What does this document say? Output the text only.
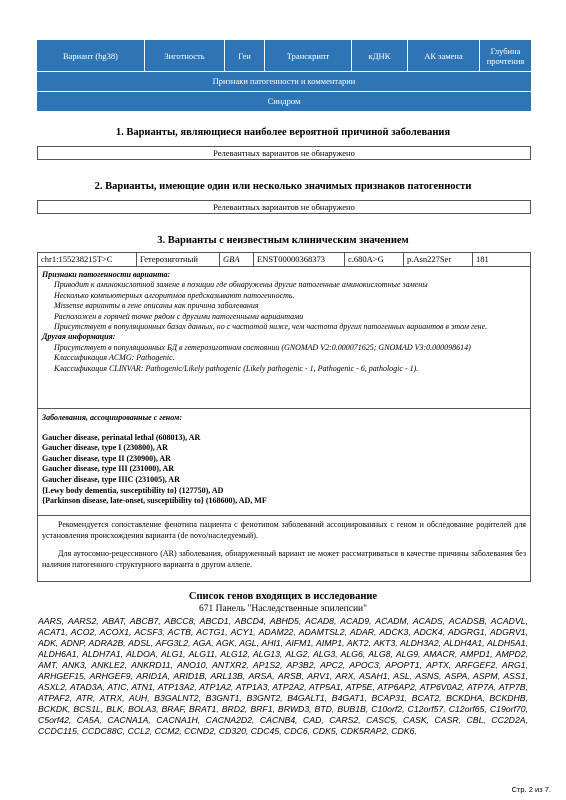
Вариант (hg38)	Зиготность	Ген	Транскрипт	кДНК	АК замена	Глубина прочтения
Признаки патогенности и комментарии
Синдром
1. Варианты, являющиеся наиболее вероятной причиной заболевания
Релевантных вариантов не обнаружено
2. Варианты, имеющие один или несколько значимых признаков патогенности
Релевантных вариантов не обнаружено
3. Варианты с неизвестным клиническим значением
chr1:155238215T>C	Гетерозиготный	GBA	ENST00000368373	c.680A>G	p.Asn227Ser	181
Признаки патогенности варианта:
Приводит к аминокислотной замене в позиции где обнаружены другие патогенные аминокислотные замены
Несколько компьютерных алгоритмов предсказывают патогенность.
Missense варианты в гене описаны как причина заболевания
Расположен в горячей точке рядом с другими патогенными вариантами
Присутствует в популяционных базах данных, но с частотой ниже, чем частота других патогенных вариантов в этом гене.
Другая информация:
Присутствует в популяционных БД в гетерозиготном состоянии (GNOMAD V2:0.000071625; GNOMAD V3:0.000098614)
Классификация ACMG: Pathogenic.
Классификация CLINVAR: Pathogenic/Likely pathogenic (Likely pathogenic - 1, Pathogenic - 6, pathologic - 1).
Заболевания, ассоциированные с геном:
Gaucher disease, perinatal lethal (608013), AR
Gaucher disease, type I (230800), AR
Gaucher disease, type II (230900), AR
Gaucher disease, type III (231000), AR
Gaucher disease, type IIIC (231005), AR
{Lewy body dementia, susceptibility to} (127750), AD
{Parkinson disease, late-onset, susceptibility to} (168600), AD, MF

Рекомендуется сопоставление фенотипа пациента с фенотипом заболеваний ассоциированных с геном и обследование родителей для установления происхождения варианта (de novo/наследуемый).

Для аутосомно-рецессивного (AR) заболевания, обнаруженный вариант не может рассматриваться в качестве причины заболевания без наличия патогенного структурного варианта в другом аллеле.

Список генов входящих в исследование
671 Панель "Наследственные эпилепсии"
AARS, AARS2, ABAT, ABCB7, ABCC8, ABCD1, ABCD4, ABHD5, ACAD8, ACAD9, ACADM, ACADS, ACADSB, ACADVL, ACAT1, ACO2, ACOX1, ACSF3, ACTB, ACTG1, ACY1, ADAM22, ADAMTSL2, ADAR, ADCK3, ADCK4, ADGRG1, ADGRV1, ADK, ADNP, ADRA2B, ADSL, AFG3L2, AGA, AGK, AGL, AHI1, AIFM1, AIMP1, AKT2, AKT3, ALDH3A2, ALDH4A1, ALDH5A1, ALDH6A1, ALDH7A1, ALDOA, ALG1, ALG11, ALG12, ALG13, ALG2, ALG3, ALG6, ALG8, ALG9, AMACR, AMPD1, AMPD2, AMT, ANK3, ANKLE2, ANKRD11, ANO10, ANTXR2, AP1S2, AP3B2, APC2, APOC3, APOPT1, APTX, ARFGEF2, ARG1, ARHGEF15, ARHGEF9, ARID1A, ARID1B, ARL13B, ARSA, ARSB, ARV1, ARX, ASAH1, ASL, ASNS, ASPA, ASPM, ASS1, ASXL2, ATAD3A, ATIC, ATN1, ATP13A2, ATP1A2, ATP1A3, ATP2A2, ATP5A1, ATP5E, ATP6AP2, ATP6V0A2, ATP7A, ATP7B, ATPAF2, ATR, ATRX, AUH, B3GALNT2, B3GNT1, B3GNT2, B4GALT1, B4GAT1, BCAP31, BCAT2, BCKDHA, BCKDHB, BCKDK, BCS1L, BLK, BOLA3, BRAF, BRAT1, BRD2, BRF1, BRWD3, BTD, BUB1B, C10orf2, C12orf57, C12orf65, C19orf70, C5orf42, CA5A, CACNA1A, CACNA1H, CACNA2D2, CACNB4, CAD, CARS2, CASC5, CASK, CASR, CBL, CC2D2A, CCDC115, CCDC88C, CCL2, CCM2, CCND2, CD320, CDC45, CDC6, CDK5, CDK5RAP2, CDK6,
Стр. 2 из 7.
